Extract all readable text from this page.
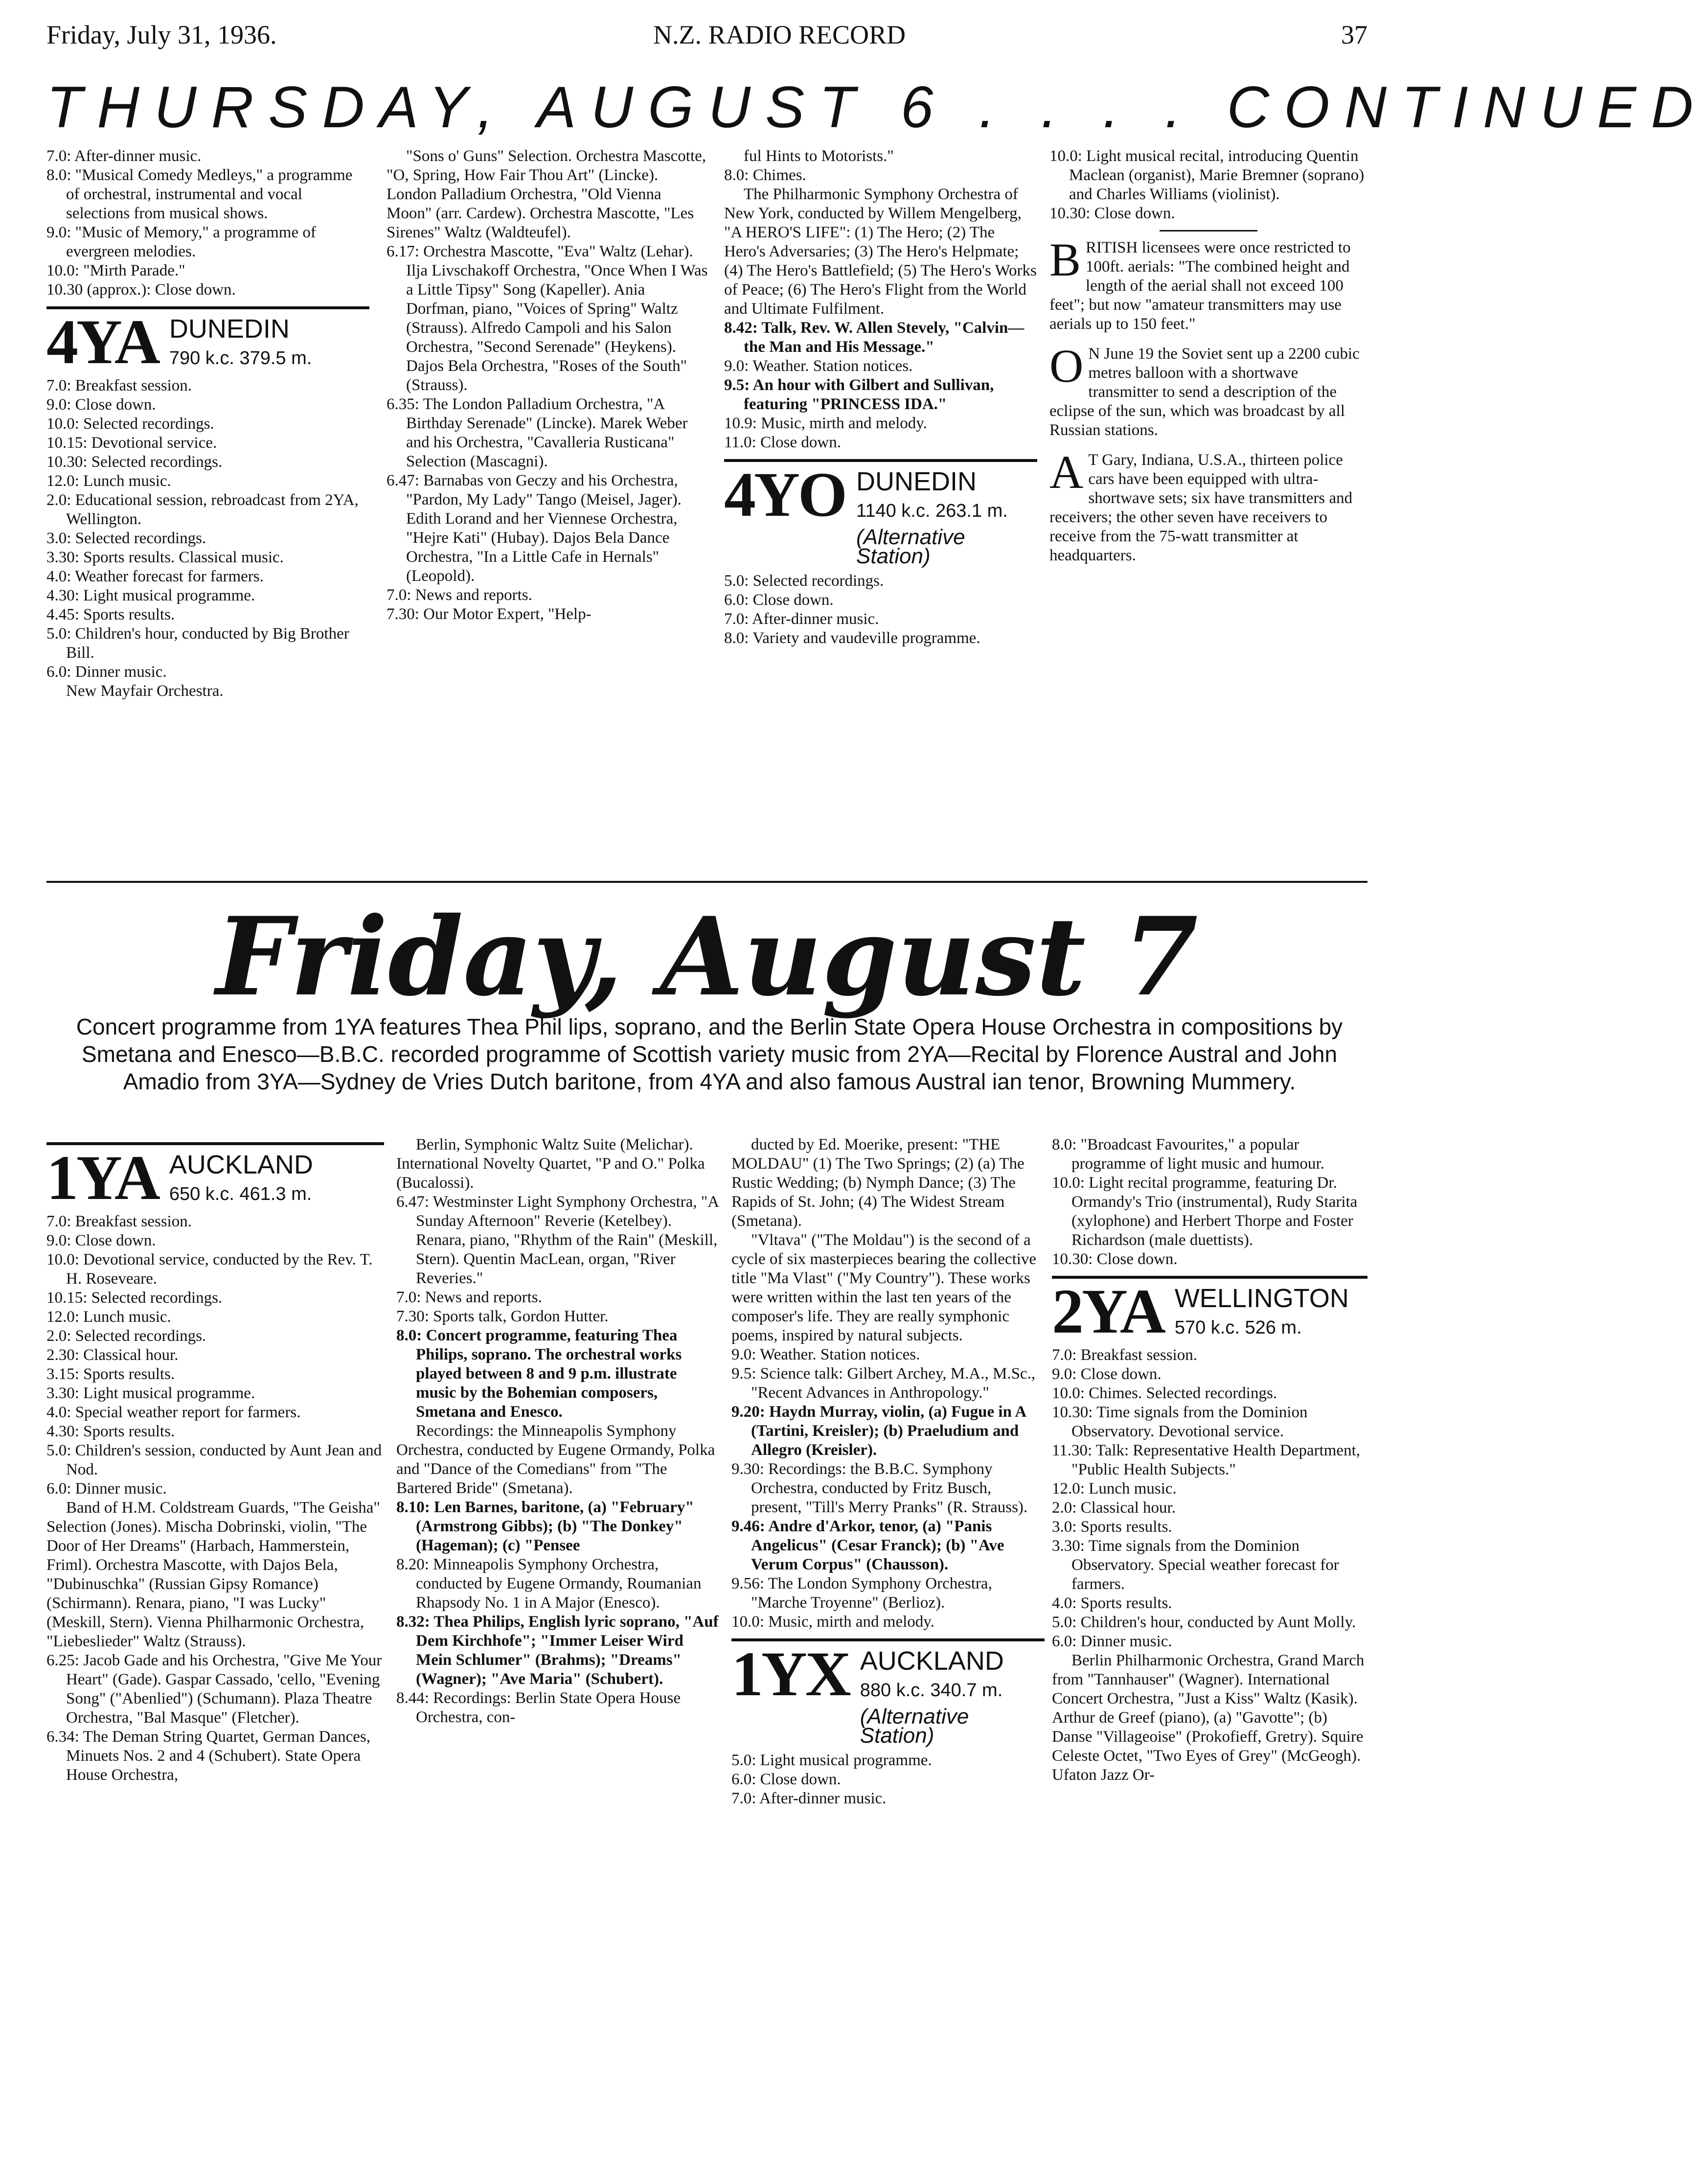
Friday, July 31, 1936.	N.Z. RADIO RECORD	37
THURSDAY, AUGUST 6 . . . . CONTINUED

7.0: After-dinner music.

8.0: "Musical Comedy Medleys," a programme of orchestral, instrumental and vocal selections from musical shows.

9.0: "Music of Memory," a programme of evergreen melodies.

10.0: "Mirth Parade."

10.30 (approx.): Close down.

4YA DUNEDIN
790 k.c. 379.5 m.

7.0: Breakfast session.

9.0: Close down.

10.0: Selected recordings.

10.15: Devotional service.

10.30: Selected recordings.

12.0: Lunch music.

2.0: Educational session, rebroadcast from 2YA, Wellington.

3.0: Selected recordings.

3.30: Sports results. Classical music.

4.0: Weather forecast for farmers.

4.30: Light musical programme.

4.45: Sports results.

5.0: Children's hour, conducted by Big Brother Bill.

6.0: Dinner music.

New Mayfair Orchestra.

"Sons o' Guns" Selection. Orchestra Mascotte, "O, Spring, How Fair Thou Art" (Lincke). London Palladium Orchestra, "Old Vienna Moon" (arr. Cardew). Orchestra Mascotte, "Les Sirenes" Waltz (Waldteufel).

6.17: Orchestra Mascotte, "Eva" Waltz (Lehar). Ilja Livschakoff Orchestra, "Once When I Was a Little Tipsy" Song (Kapeller). Ania Dorfman, piano, "Voices of Spring" Waltz (Strauss). Alfredo Campoli and his Salon Orchestra, "Second Serenade" (Heykens). Dajos Bela Orchestra, "Roses of the South" (Strauss).

6.35: The London Palladium Orchestra, "A Birthday Serenade" (Lincke). Marek Weber and his Orchestra, "Cavalleria Rusticana" Selection (Mascagni).

6.47: Barnabas von Geczy and his Orchestra, "Pardon, My Lady" Tango (Meisel, Jager). Edith Lorand and her Viennese Orchestra, "Hejre Kati" (Hubay). Dajos Bela Dance Orchestra, "In a Little Cafe in Hernals" (Leopold).

7.0: News and reports.

7.30: Our Motor Expert, "Help-

ful Hints to Motorists."

8.0: Chimes.

The Philharmonic Symphony Orchestra of New York, conducted by Willem Mengelberg, "A HERO'S LIFE": (1) The Hero; (2) The Hero's Adversaries; (3) The Hero's Helpmate; (4) The Hero's Battlefield; (5) The Hero's Works of Peace; (6) The Hero's Flight from the World and Ultimate Fulfilment.

8.42: Talk, Rev. W. Allen Stevely, "Calvin—the Man and His Message."

9.0: Weather. Station notices.

9.5: An hour with Gilbert and Sullivan, featuring "PRINCESS IDA."

10.9: Music, mirth and melody.

11.0: Close down.

4YO DUNEDIN
1140 k.c. 263.1 m.
(Alternative Station)

5.0: Selected recordings.

6.0: Close down.

7.0: After-dinner music.

8.0: Variety and vaudeville programme.

10.0: Light musical recital, introducing Quentin Maclean (organist), Marie Bremner (soprano) and Charles Williams (violinist).

10.30: Close down.

BRITISH licensees were once restricted to 100ft. aerials: "The combined height and length of the aerial shall not exceed 100 feet"; but now "amateur transmitters may use aerials up to 150 feet."

O N June 19 the Soviet sent up a 2200 cubic metres balloon with a shortwave transmitter to send a description of the eclipse of the sun, which was broadcast by all Russian stations.

A T Gary, Indiana, U.S.A., thirteen police cars have been equipped with ultra-shortwave sets; six have transmitters and receivers; the other seven have receivers to receive from the 75-watt transmitter at headquarters.

Friday, August 7
Concert programme from 1YA features Thea Phil lips, soprano, and the Berlin State Opera House Orchestra in compositions by Smetana and Enesco—B.B.C. recorded programme of Scottish variety music from 2YA—Recital by Florence Austral and John Amadio from 3YA—Sydney de Vries Dutch baritone, from 4YA and also famous Austral ian tenor, Browning Mummery.
1YA AUCKLAND
650 k.c. 461.3 m.

7.0: Breakfast session.

9.0: Close down.

10.0: Devotional service, conducted by the Rev. T. H. Roseveare.

10.15: Selected recordings.

12.0: Lunch music.

2.0: Selected recordings.

2.30: Classical hour.

3.15: Sports results.

3.30: Light musical programme.

4.0: Special weather report for farmers.

4.30: Sports results.

5.0: Children's session, conducted by Aunt Jean and Nod.

6.0: Dinner music.

Band of H.M. Coldstream Guards, "The Geisha" Selection (Jones). Mischa Dobrinski, violin, "The Door of Her Dreams" (Harbach, Hammerstein, Friml). Orchestra Mascotte, with Dajos Bela, "Dubinuschka" (Russian Gipsy Romance) (Schirmann). Renara, piano, "I was Lucky" (Meskill, Stern). Vienna Philharmonic Orchestra, "Liebeslieder" Waltz (Strauss).

6.25: Jacob Gade and his Orchestra, "Give Me Your Heart" (Gade). Gaspar Cassado, 'cello, "Evening Song" ("Abenlied") (Schumann). Plaza Theatre Orchestra, "Bal Masque" (Fletcher).

6.34: The Deman String Quartet, German Dances, Minuets Nos. 2 and 4 (Schubert). State Opera House Orchestra,

Berlin, Symphonic Waltz Suite (Melichar). International Novelty Quartet, "P and O." Polka (Bucalossi).

6.47: Westminster Light Symphony Orchestra, "A Sunday Afternoon" Reverie (Ketelbey). Renara, piano, "Rhythm of the Rain" (Meskill, Stern). Quentin MacLean, organ, "River Reveries."

7.0: News and reports.

7.30: Sports talk, Gordon Hutter.

8.0: Concert programme, featuring Thea Philips, soprano. The orchestral works played between 8 and 9 p.m. illustrate music by the Bohemian composers, Smetana and Enesco.

Recordings: the Minneapolis Symphony Orchestra, conducted by Eugene Ormandy, Polka and "Dance of the Comedians" from "The Bartered Bride" (Smetana).

8.10: Len Barnes, baritone, (a) "February" (Armstrong Gibbs); (b) "The Donkey" (Hageman); (c) "Pensee

8.20: Minneapolis Symphony Orchestra, conducted by Eugene Ormandy, Roumanian Rhapsody No. 1 in A Major (Enesco).

8.32: Thea Philips, English lyric soprano, "Auf Dem Kirchhofe"; "Immer Leiser Wird Mein Schlumer" (Brahms); "Dreams" (Wagner); "Ave Maria" (Schubert).

8.44: Recordings: Berlin State Opera House Orchestra, con-

ducted by Ed. Moerike, present: "THE MOLDAU" (1) The Two Springs; (2) (a) The Rustic Wedding; (b) Nymph Dance; (3) The Rapids of St. John; (4) The Widest Stream (Smetana).

"Vltava" ("The Moldau") is the second of a cycle of six masterpieces bearing the collective title "Ma Vlast" ("My Country"). These works were written within the last ten years of the composer's life. They are really symphonic poems, inspired by natural subjects.

9.0: Weather. Station notices.

9.5: Science talk: Gilbert Archey, M.A., M.Sc., "Recent Advances in Anthropology."

9.20: Haydn Murray, violin, (a) Fugue in A (Tartini, Kreisler); (b) Praeludium and Allegro (Kreisler).

9.30: Recordings: the B.B.C. Symphony Orchestra, conducted by Fritz Busch, present, "Till's Merry Pranks" (R. Strauss).

9.46: Andre d'Arkor, tenor, (a) "Panis Angelicus" (Cesar Franck); (b) "Ave Verum Corpus" (Chausson).

9.56: The London Symphony Orchestra, "Marche Troyenne" (Berlioz).

10.0: Music, mirth and melody.

1YX AUCKLAND
880 k.c. 340.7 m.
(Alternative Station)

5.0: Light musical programme.

6.0: Close down.

7.0: After-dinner music.

8.0: "Broadcast Favourites," a popular programme of light music and humour.

10.0: Light recital programme, featuring Dr. Ormandy's Trio (instrumental), Rudy Starita (xylophone) and Herbert Thorpe and Foster Richardson (male duettists).

10.30: Close down.

2YA WELLINGTON
570 k.c. 526 m.

7.0: Breakfast session.

9.0: Close down.

10.0: Chimes. Selected recordings.

10.30: Time signals from the Dominion Observatory. Devotional service.

11.30: Talk: Representative Health Department, "Public Health Subjects."

12.0: Lunch music.

2.0: Classical hour.

3.0: Sports results.

3.30: Time signals from the Dominion Observatory. Special weather forecast for farmers.

4.0: Sports results.

5.0: Children's hour, conducted by Aunt Molly.

6.0: Dinner music.

Berlin Philharmonic Orchestra, Grand March from "Tannhauser" (Wagner). International Concert Orchestra, "Just a Kiss" Waltz (Kasik). Arthur de Greef (piano), (a) "Gavotte"; (b) Danse "Villageoise" (Prokofieff, Gretry). Squire Celeste Octet, "Two Eyes of Grey" (McGeogh). Ufaton Jazz Or-
